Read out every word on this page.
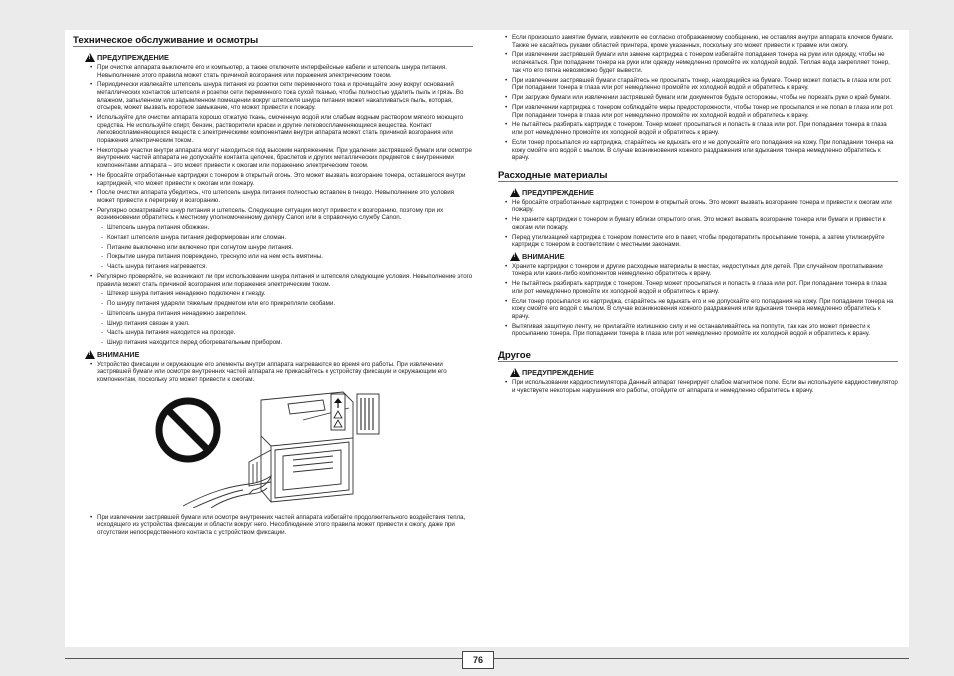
Техническое обслуживание и осмотры
!
ПРЕДУПРЕЖДЕНИЕ
• При очистке аппарата выключите его и компьютер, а также отключите интерфейсные кабели и штепсель шнура питания. Невыполнение этого правила может стать причиной возгорания или поражения электрическим током.
• Периодически извлекайте штепсель шнура питания из розетки сети переменного тока и прочищайте зону вокруг оснований металлических контактов штепселя и розетки сети переменного тока сухой тканью, чтобы полностью удалить пыль и грязь. Во влажном, запыленном или задымленном помещении вокруг штепселя шнура питания может накапливаться пыль, которая, отсырев, может вызвать короткое замыкание, что может привести к пожару.
• Используйте для очистки аппарата хорошо отжатую ткань, смоченную водой или слабым водным раствором мягкого моющего средства. Не используйте спирт, бензин, растворители краски и другие легковоспламеняющиеся вещества. Контакт легковоспламеняющихся веществ с электрическими компонентами внутри аппарата может стать причиной возгорания или поражения электрическим током.
• Некоторые участки внутри аппарата могут находиться под высоким напряжением. При удалении застрявшей бумаги или осмотре внутренних частей аппарата не допускайте контакта цепочек, браслетов и других металлических предметов с внутренними компонентами аппарата – это может привести к ожогам или поражению электрическим током.
• Не бросайте отработанные картриджи с тонером в открытый огонь. Это может вызвать возгорание тонера, оставшегося внутри картриджей, что может привести к ожогам или пожару.
• После очистки аппарата убедитесь, что штепсель шнура питания полностью вставлен в гнездо. Невыполнение это условия может привести к перегреву и возгоранию.
• Регулярно осматривайте шнур питания и штепсель. Следующие ситуации могут привести к возгоранию, поэтому при их возникновении обратитесь к местному уполномоченному дилеру Canon или в справочную службу Canon.
- Штепсель шнура питания обожжен.
- Контакт штепселя шнура питания деформирован или сломан.
- Питание выключено или включено при согнутом шнуре питания.
- Покрытие шнура питания повреждено, треснуло или на нем есть вмятины.
- Часть шнура питания нагревается.
• Регулярно проверяйте, не возникают ли при использовании шнура питания и штепселя следующие условия. Невыполнение этого правила может стать причиной возгорания или поражения электрическим током.
- Штекер шнура питания ненадежно подключен к гнезду.
- По шнуру питания ударяли тяжелым предметом или его прикрепляли скобами.
- Штепсель шнура питания ненадежно закреплен.
- Шнур питания связан в узел.
- Часть шнура питания находится на проходе.
- Шнур питания находится перед обогревательным прибором.
!
ВНИМАНИЕ
• Устройство фиксации и окружающие его элементы внутри аппарата нагреваются во время его работы. При извлечении застрявшей бумаги или осмотре внутренних частей аппарата не прикасайтесь к устройству фиксации и окружающим его компонентам, поскольку это может привести к ожогам.
• При извлечении застрявшей бумаги или осмотре внутренних частей аппарата избегайте продолжительного воздействия тепла, исходящего из устройства фиксации и области вокруг него. Несоблюдение этого правила может привести к ожогу, даже при отсутствии непосредственного контакта с устройством фиксации.
• Если произошло замятие бумаги, извлеките ее согласно отображаемому сообщению, не оставляя внутри аппарата клочков бумаги. Также не касайтесь руками областей принтера, кроме указанных, поскольку это может привести к травме или ожогу.
• При извлечении застрявшей бумаги или замене картриджа с тонером избегайте попадания тонера на руки или одежду, чтобы не испачкаться. При попадании тонера на руки или одежду немедленно промойте их холодной водой. Теплая вода закрепляет тонер, так что его пятна невозможно будет вывести.
• При извлечении застрявшей бумаги старайтесь не просыпать тонер, находящийся на бумаге. Тонер может попасть в глаза или рот. При попадании тонера в глаза или рот немедленно промойте их холодной водой и обратитесь к врачу.
• При загрузке бумаги или извлечении застрявшей бумаги или документов будьте осторожны, чтобы не порезать руки о край бумаги.
• При извлечении картриджа с тонером соблюдайте меры предосторожности, чтобы тонер не просыпался и не попал в глаза или рот. При попадании тонера в глаза или рот немедленно промойте их холодной водой и обратитесь к врачу.
• Не пытайтесь разбирать картридж с тонером. Тонер может просыпаться и попасть в глаза или рот. При попадании тонера в глаза или рот немедленно промойте их холодной водой и обратитесь к врачу.
• Если тонер просыпался из картриджа, старайтесь не вдыхать его и не допускайте его попадания на кожу. При попадании тонера на кожу смойте его водой с мылом. В случае возникновения кожного раздражения или вдыхания тонера немедленно обратитесь к врачу.
Расходные материалы
!
ПРЕДУПРЕЖДЕНИЕ
• Не бросайте отработанные картриджи с тонером в открытый огонь. Это может вызвать возгорание тонера и привести к ожогам или пожару.
• Не храните картриджи с тонером и бумагу вблизи открытого огня. Это может вызвать возгорание тонера или бумаги и привести к ожогам или пожару.
• Перед утилизацией картриджа с тонером поместите его в пакет, чтобы предотвратить просыпание тонера, а затем утилизируйте картридж с тонером в соответствии с местными законами.
!
ВНИМАНИЕ
• Храните картриджи с тонером и другие расходные материалы в местах, недоступных для детей. При случайном проглатывании тонера или каких-либо компонентов немедленно обратитесь к врачу.
• Не пытайтесь разбирать картридж с тонером. Тонер может просыпаться и попасть в глаза или рот. При попадании тонера в глаза или рот немедленно промойте их холодной водой и обратитесь к врачу.
• Если тонер просыпался из картриджа, старайтесь не вдыхать его и не допускайте его попадания на кожу. При попадании тонера на кожу смойте его водой с мылом. В случае возникновения кожного раздражения или вдыхания тонера немедленно обратитесь к врачу.
• Вытягивая защитную ленту, не прилагайте излишнюю силу и не останавливайтесь на полпути, так как это может привести к просыпанию тонера. При попадании тонера в глаза или рот немедленно промойте их холодной водой и обратитесь к врачу.
Другое
!
ПРЕДУПРЕЖДЕНИЕ
• При использовании кардиостимулятора Данный аппарат генерирует слабое магнитное поле. Если вы используете кардиостимулятор и чувствуете некоторые нарушения его работы, отойдите от аппарата и немедленно обратитесь к врачу.
76
